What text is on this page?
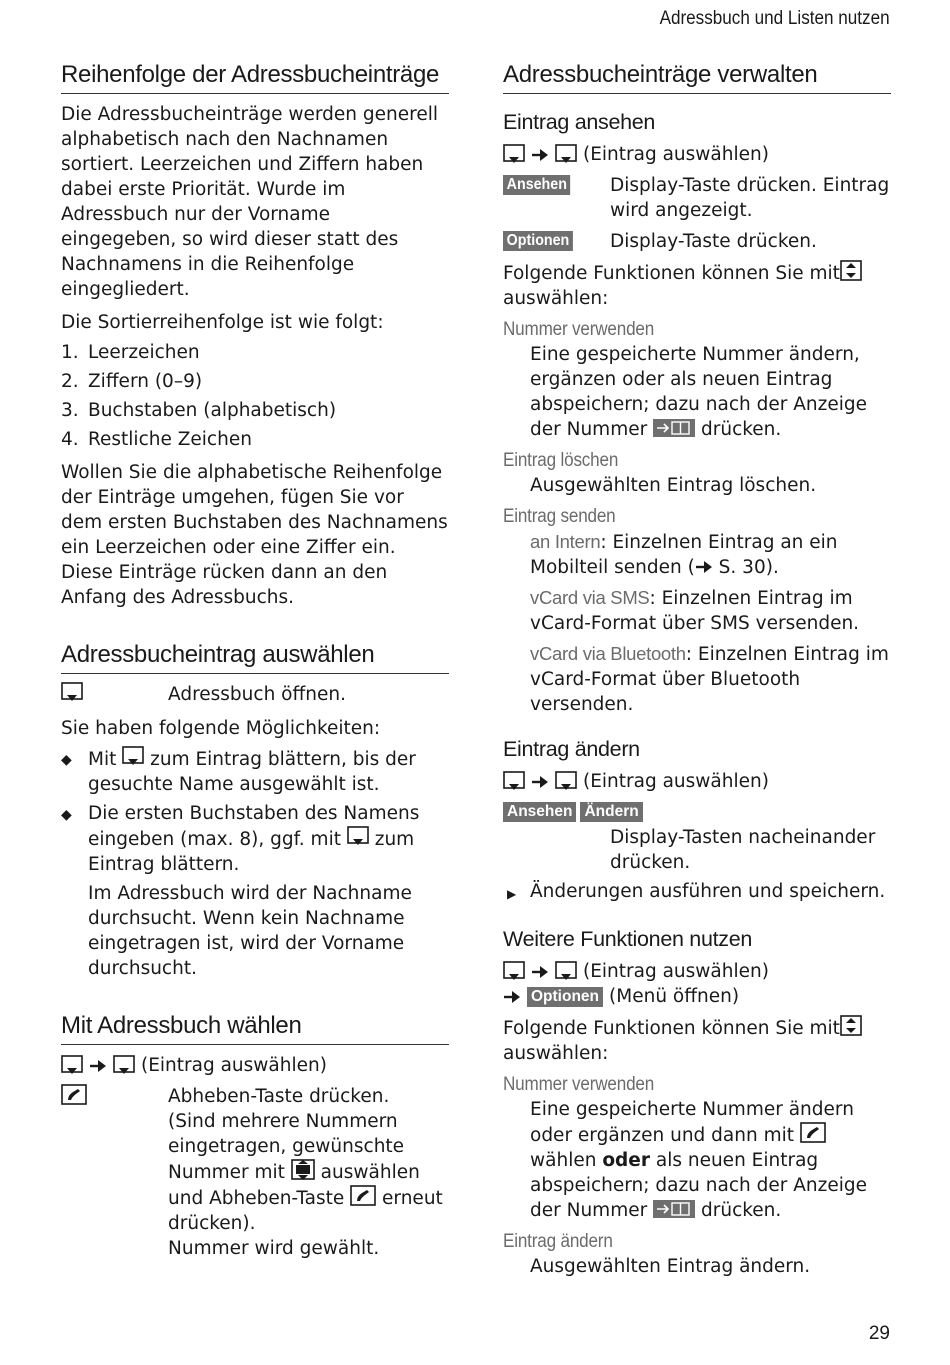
Adressbuch und Listen nutzen
Reihenfolge der Adressbucheinträge

Die Adressbucheinträge werden generell alphabetisch nach den Nachnamen sortiert. Leerzeichen und Ziffern haben dabei erste Priorität. Wurde im Adressbuch nur der Vorname eingegeben, so wird dieser statt des Nachnamens in die Reihenfolge eingegliedert.

Die Sortierreihenfolge ist wie folgt:

1. Leerzeichen
2. Ziffern (0–9)
3. Buchstaben (alphabetisch)
4. Restliche Zeichen

Wollen Sie die alphabetische Reihenfolge der Einträge umgehen, fügen Sie vor dem ersten Buchstaben des Nachnamens ein Leerzeichen oder eine Ziffer ein. Diese Einträge rücken dann an den Anfang des Adressbuchs.

Adressbucheintrag auswählen
Adressbuch öffnen.

Sie haben folgende Möglichkeiten:

◆ Mit zum Eintrag blättern, bis der gesuchte Name ausgewählt ist.
◆ Die ersten Buchstaben des Namens eingeben (max. 8), ggf. mit zum Eintrag blättern.

Im Adressbuch wird der Nachname durchsucht. Wenn kein Nachname eingetragen ist, wird der Vorname durchsucht.

Mit Adressbuch wählen
(Eintrag auswählen)
Abheben-Taste drücken.
(Sind mehrere Nummern eingetragen, gewünschte Nummer mit auswählen und Abheben-Taste erneut drücken).
Nummer wird gewählt.
Adressbucheinträge verwalten
Eintrag ansehen
(Eintrag auswählen)
Ansehen	Display-Taste drücken. Eintrag wird angezeigt.
Optionen	Display-Taste drücken.

Folgende Funktionen können Sie mit auswählen:

Nummer verwenden

Eine gespeicherte Nummer ändern, ergänzen oder als neuen Eintrag abspeichern; dazu nach der Anzeige der Nummer	drücken.

Eintrag löschen

Ausgewählten Eintrag löschen.

Eintrag senden

an Intern: Einzelnen Eintrag an ein Mobilteil senden ( S. 30).

vCard via SMS: Einzelnen Eintrag im vCard-Format über SMS versenden.

vCard via Bluetooth: Einzelnen Eintrag im vCard-Format über Bluetooth versenden.

Eintrag ändern
(Eintrag auswählen)
Ansehen Ändern

Display-Tasten nacheinander drücken.

▶ Änderungen ausführen und speichern.
Weitere Funktionen nutzen
(Eintrag auswählen)
Optionen (Menü öffnen)

Folgende Funktionen können Sie mit auswählen:

Nummer verwenden

Eine gespeicherte Nummer ändern oder ergänzen und dann mit  wählen oder als neuen Eintrag abspeichern; dazu nach der Anzeige der Nummer	drücken.

Eintrag ändern

Ausgewählten Eintrag ändern.

29
